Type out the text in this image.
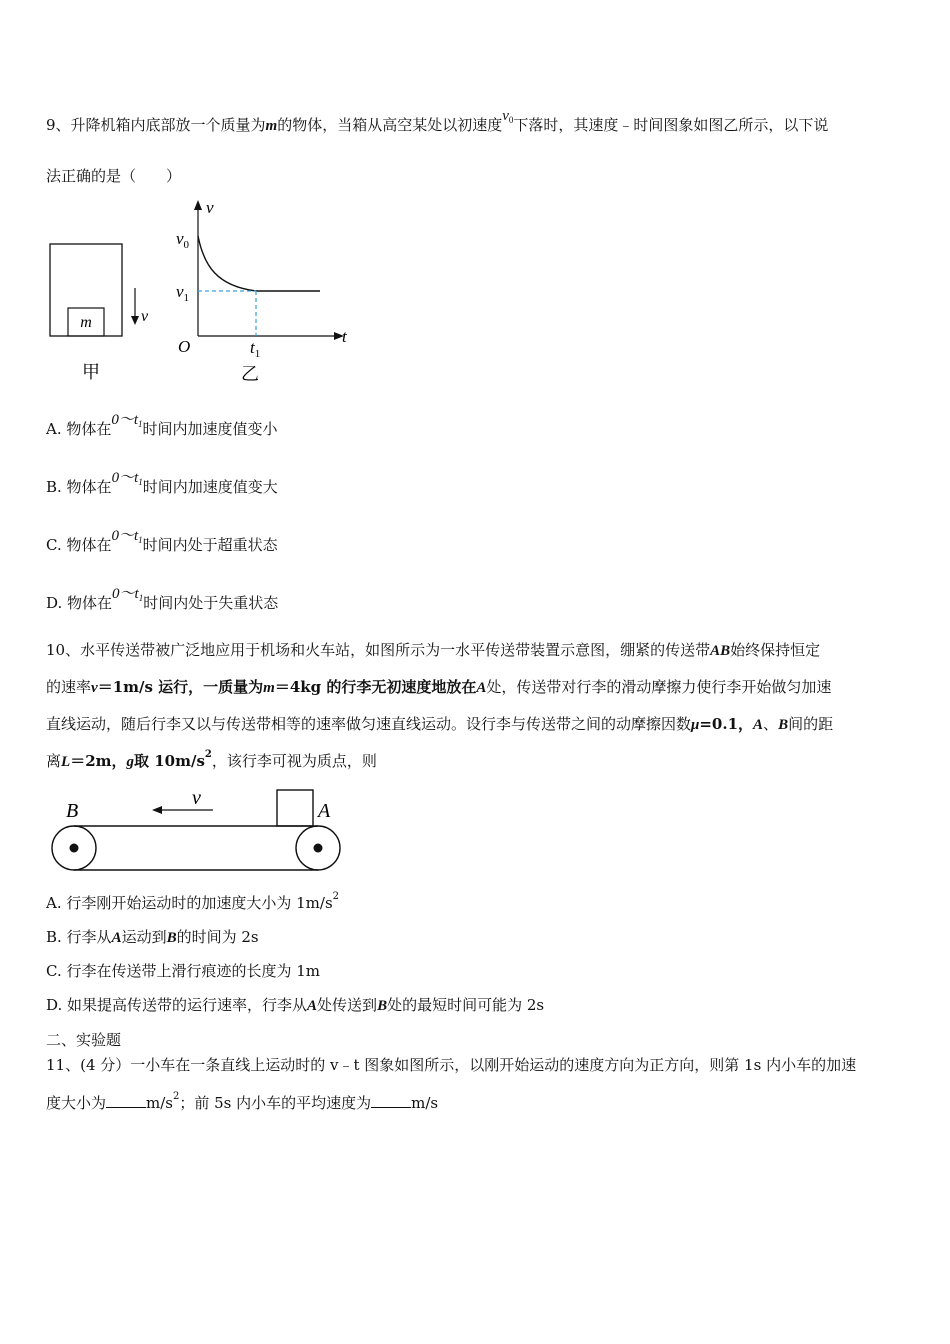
9、升降机箱内底部放一个质量为m的物体，当箱从高空某处以初速度$v_0$下落时，其速度﹣时间图象如图乙所示，以下说
法正确的是（　　）
m	v
甲
v
t
$v_0$
$v_1$
O	$t_1$
乙
A. 物体在$0\sim t_1$时间内加速度值变小
B. 物体在$0\sim t_1$时间内加速度值变大
C. 物体在$0\sim t_1$时间内处于超重状态
D. 物体在$0\sim t_1$时间内处于失重状态
10、水平传送带被广泛地应用于机场和火车站，如图所示为一水平传送带装置示意图，绷紧的传送带AB始终保持恒定
的速率v＝1m/s 运行，一质量为m＝4kg 的行李无初速度地放在A处，传送带对行李的滑动摩擦力使行李开始做匀加速
直线运动，随后行李又以与传送带相等的速率做匀速直线运动。设行李与传送带之间的动摩擦因数μ=0.1，A、B间的距
离L＝2m，g取 $10m/s^2$，该行李可视为质点，则
v
B	A
A. 行李刚开始运动时的加速度大小为 $1m/s^2$
B. 行李从A运动到B的时间为 2s
C. 行李在传送带上滑行痕迹的长度为 1m
D. 如果提高传送带的运行速率，行李从A处传送到B处的最短时间可能为 2s
二、实验题
11、(4 分）一小车在一条直线上运动时的 v﹣t 图象如图所示，以刚开始运动的速度方向为正方向，则第 1s 内小车的加速
度大小为	$m/s^2$；前 5s 内小车的平均速度为	m/s
